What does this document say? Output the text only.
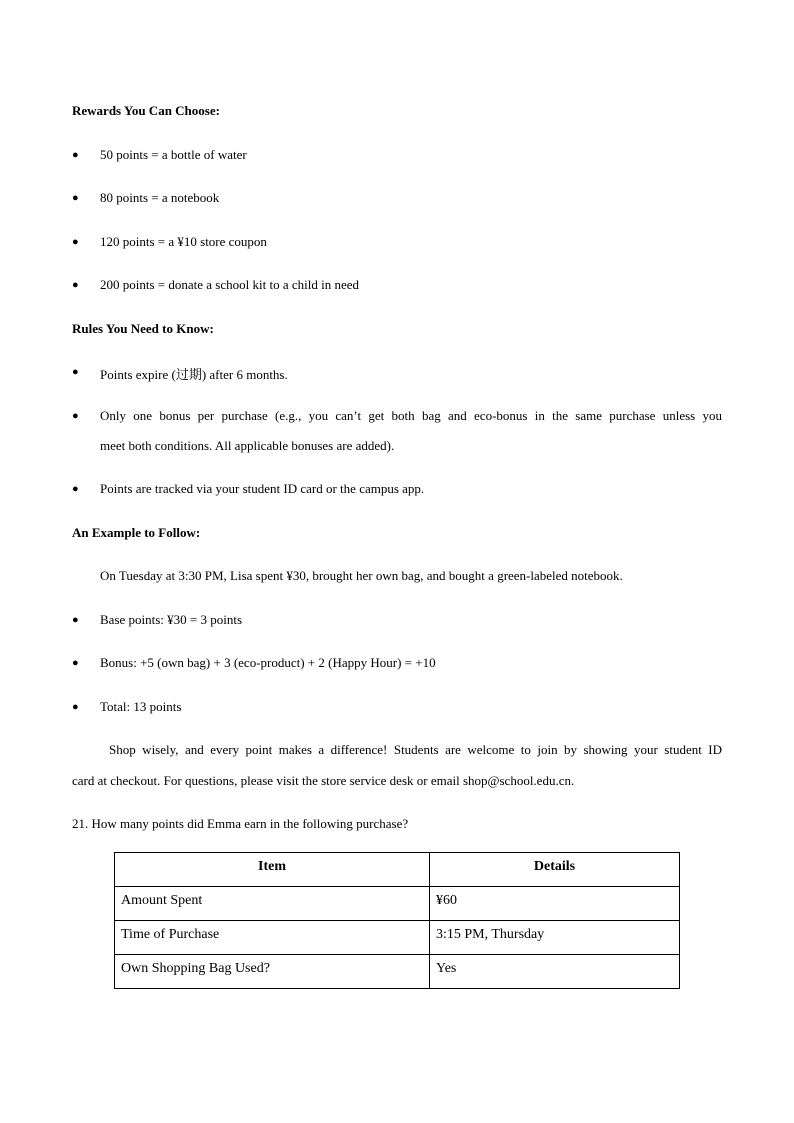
Rewards You Can Choose:
● 50 points = a bottle of water
● 80 points = a notebook
● 120 points = a ¥10 store coupon
● 200 points = donate a school kit to a child in need
Rules You Need to Know:
● Points expire (过期) after 6 months.
● Only one bonus per purchase (e.g., you can’t get both bag and eco-bonus in the same purchase unless you
meet both conditions. All applicable bonuses are added).
● Points are tracked via your student ID card or the campus app.
An Example to Follow:
On Tuesday at 3:30 PM, Lisa spent ¥30, brought her own bag, and bought a green-labeled notebook.
● Base points: ¥30 = 3 points
● Bonus: +5 (own bag) + 3 (eco-product) + 2 (Happy Hour) = +10
● Total: 13 points
Shop wisely, and every point makes a difference! Students are welcome to join by showing your student ID
card at checkout. For questions, please visit the store service desk or email shop@school.edu.cn.
21. How many points did Emma earn in the following purchase?
Item	Details
Amount Spent	¥60
Time of Purchase	3:15 PM, Thursday
Own Shopping Bag Used?	Yes
